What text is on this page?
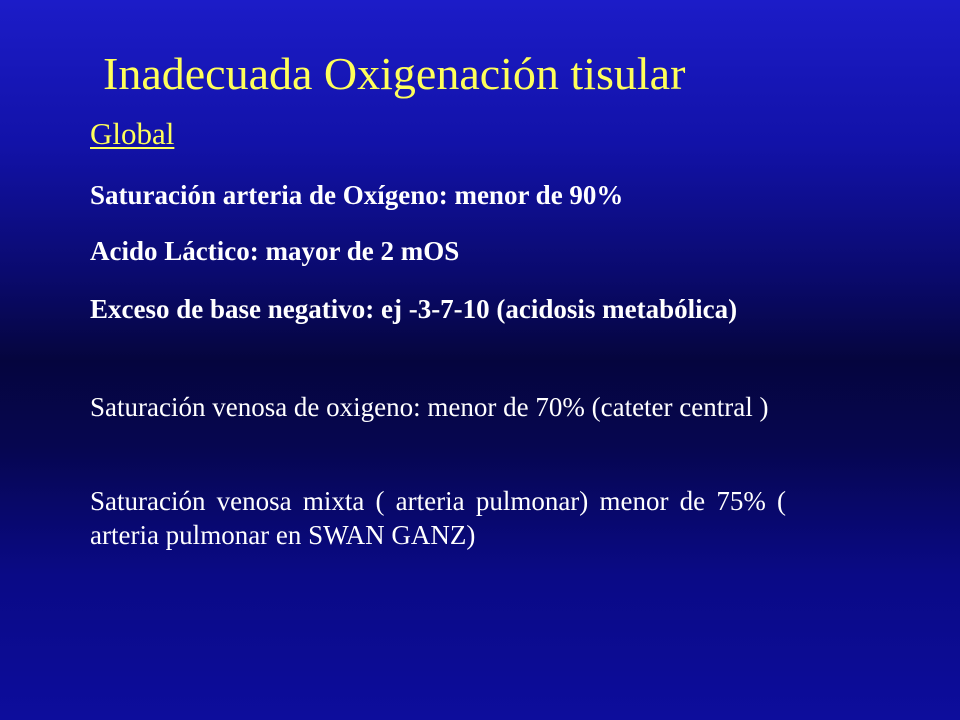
Inadecuada Oxigenación tisular
Global

Saturación arteria de Oxígeno: menor de 90%

Acido Láctico: mayor de 2 mOS

Exceso de base negativo: ej -3-7-10 (acidosis metabólica)

Saturación venosa de oxigeno: menor de 70% (cateter central )

Saturación venosa mixta ( arteria pulmonar) menor de 75% ( arteria pulmonar en SWAN GANZ)
